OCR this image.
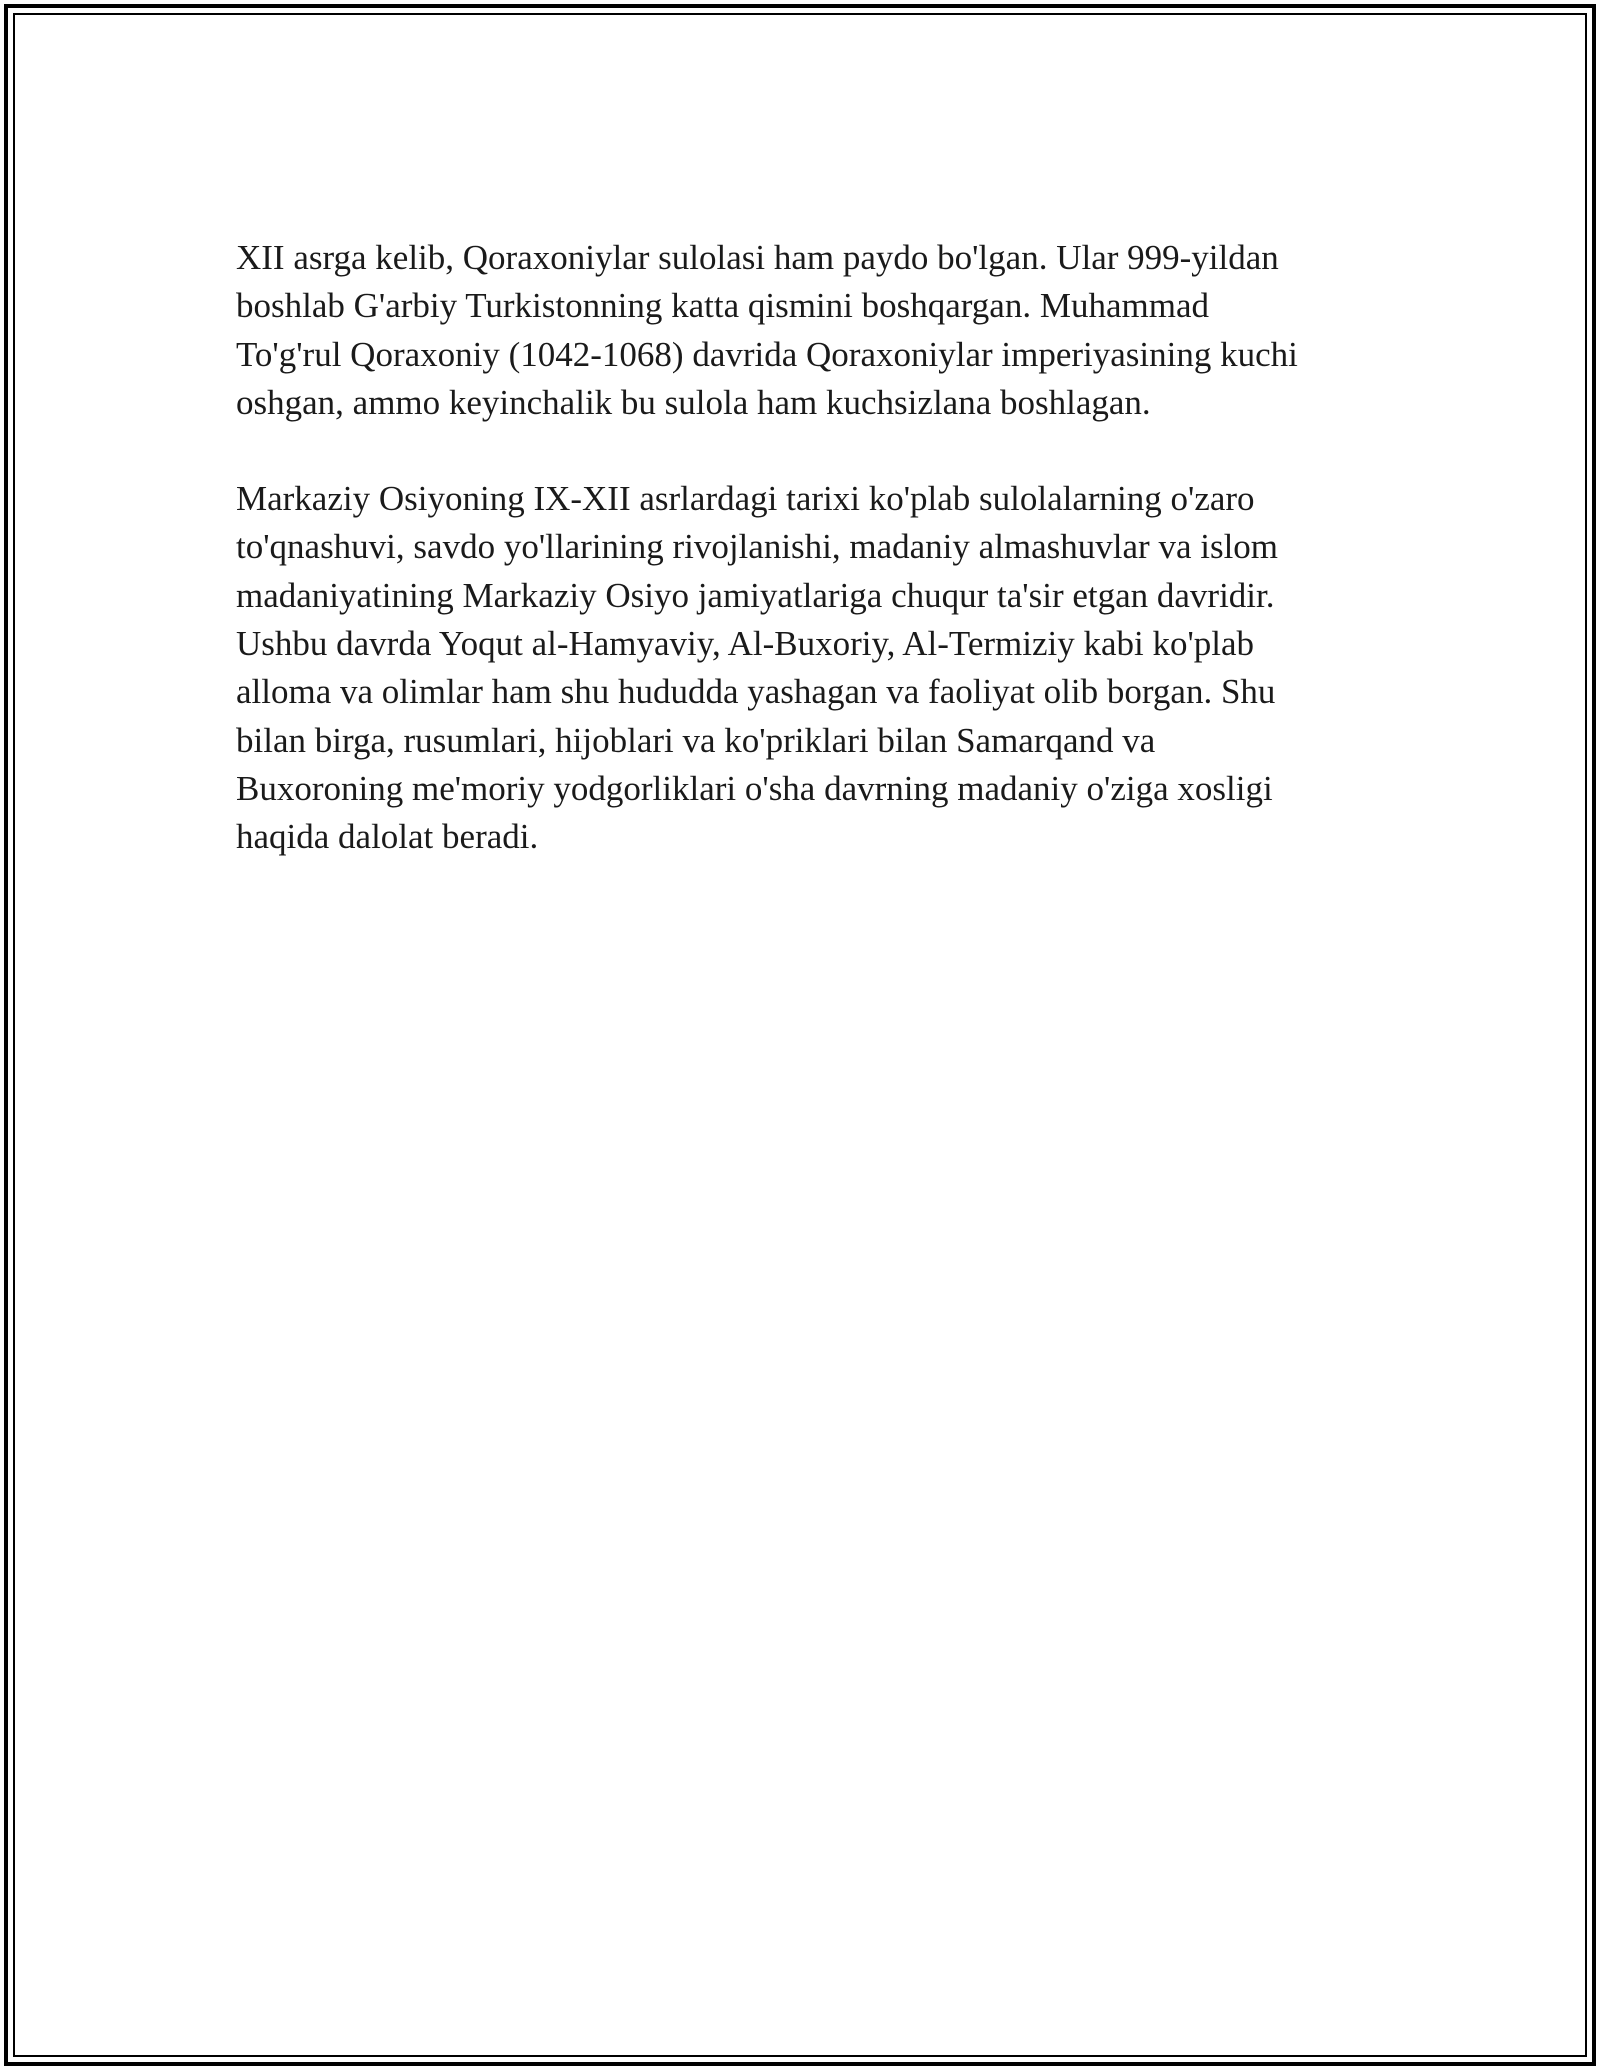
XII asrga kelib, Qoraxoniylar sulolasi ham paydo bo'lgan. Ular 999-yildan
boshlab G'arbiy Turkistonning katta qismini boshqargan. Muhammad
To'g'rul Qoraxoniy (1042-1068) davrida Qoraxoniylar imperiyasining kuchi
oshgan, ammo keyinchalik bu sulola ham kuchsizlana boshlagan.

Markaziy Osiyoning IX-XII asrlardagi tarixi ko'plab sulolalarning o'zaro
to'qnashuvi, savdo yo'llarining rivojlanishi, madaniy almashuvlar va islom
madaniyatining Markaziy Osiyo jamiyatlariga chuqur ta'sir etgan davridir.
Ushbu davrda Yoqut al-Hamyaviy, Al-Buxoriy, Al-Termiziy kabi ko'plab
alloma va olimlar ham shu hududda yashagan va faoliyat olib borgan. Shu
bilan birga, rusumlari, hijoblari va ko'priklari bilan Samarqand va
Buxoroning me'moriy yodgorliklari o'sha davrning madaniy o'ziga xosligi
haqida dalolat beradi.
